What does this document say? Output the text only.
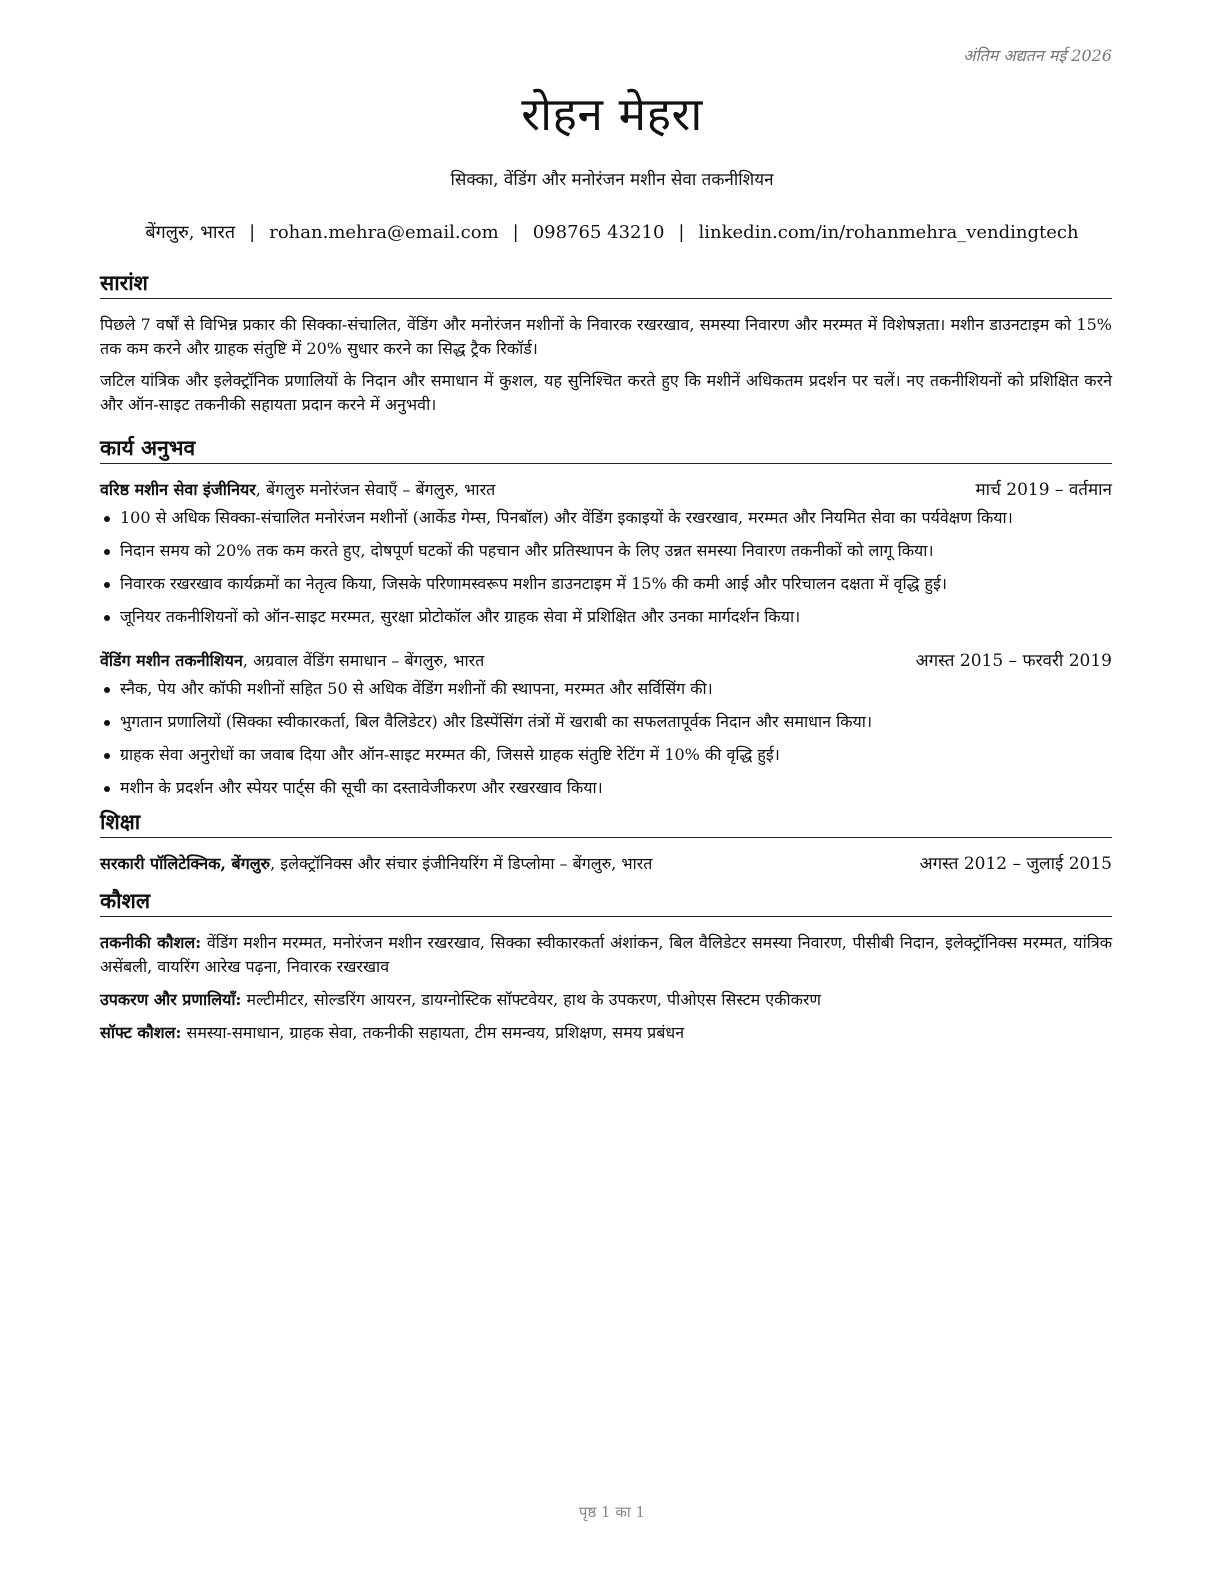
अंतिम अद्यतन मई 2026
रोहन मेहरा
सिक्का, वेंडिंग और मनोरंजन मशीन सेवा तकनीशियन
बेंगलुरु, भारत | rohan.mehra@email.com | 098765 43210 | linkedin.com/in/rohanmehra_vendingtech
सारांश

पिछले 7 वर्षों से विभिन्न प्रकार की सिक्का-संचालित, वेंडिंग और मनोरंजन मशीनों के निवारक रखरखाव, समस्या निवारण और मरम्मत में विशेषज्ञता। मशीन डाउनटाइम को 15% तक कम करने और ग्राहक संतुष्टि में 20% सुधार करने का सिद्ध ट्रैक रिकॉर्ड।

जटिल यांत्रिक और इलेक्ट्रॉनिक प्रणालियों के निदान और समाधान में कुशल, यह सुनिश्चित करते हुए कि मशीनें अधिकतम प्रदर्शन पर चलें। नए तकनीशियनों को प्रशिक्षित करने और ऑन-साइट तकनीकी सहायता प्रदान करने में अनुभवी।

कार्य अनुभव
वरिष्ठ मशीन सेवा इंजीनियर, बेंगलुरु मनोरंजन सेवाएँ – बेंगलुरु, भारत	मार्च 2019 – वर्तमान
100 से अधिक सिक्का-संचालित मनोरंजन मशीनों (आर्केड गेम्स, पिनबॉल) और वेंडिंग इकाइयों के रखरखाव, मरम्मत और नियमित सेवा का पर्यवेक्षण किया।
निदान समय को 20% तक कम करते हुए, दोषपूर्ण घटकों की पहचान और प्रतिस्थापन के लिए उन्नत समस्या निवारण तकनीकों को लागू किया।
निवारक रखरखाव कार्यक्रमों का नेतृत्व किया, जिसके परिणामस्वरूप मशीन डाउनटाइम में 15% की कमी आई और परिचालन दक्षता में वृद्धि हुई।
जूनियर तकनीशियनों को ऑन-साइट मरम्मत, सुरक्षा प्रोटोकॉल और ग्राहक सेवा में प्रशिक्षित और उनका मार्गदर्शन किया।
वेंडिंग मशीन तकनीशियन, अग्रवाल वेंडिंग समाधान – बेंगलुरु, भारत	अगस्त 2015 – फरवरी 2019
स्नैक, पेय और कॉफी मशीनों सहित 50 से अधिक वेंडिंग मशीनों की स्थापना, मरम्मत और सर्विसिंग की।
भुगतान प्रणालियों (सिक्का स्वीकारकर्ता, बिल वैलिडेटर) और डिस्पेंसिंग तंत्रों में खराबी का सफलतापूर्वक निदान और समाधान किया।
ग्राहक सेवा अनुरोधों का जवाब दिया और ऑन-साइट मरम्मत की, जिससे ग्राहक संतुष्टि रेटिंग में 10% की वृद्धि हुई।
मशीन के प्रदर्शन और स्पेयर पार्ट्स की सूची का दस्तावेजीकरण और रखरखाव किया।
शिक्षा
सरकारी पॉलिटेक्निक, बेंगलुरु, इलेक्ट्रॉनिक्स और संचार इंजीनियरिंग में डिप्लोमा – बेंगलुरु, भारत	अगस्त 2012 – जुलाई 2015
कौशल

तकनीकी कौशल: वेंडिंग मशीन मरम्मत, मनोरंजन मशीन रखरखाव, सिक्का स्वीकारकर्ता अंशांकन, बिल वैलिडेटर समस्या निवारण, पीसीबी निदान, इलेक्ट्रॉनिक्स मरम्मत, यांत्रिक असेंबली, वायरिंग आरेख पढ़ना, निवारक रखरखाव

उपकरण और प्रणालियाँ: मल्टीमीटर, सोल्डरिंग आयरन, डायग्नोस्टिक सॉफ्टवेयर, हाथ के उपकरण, पीओएस सिस्टम एकीकरण

सॉफ्ट कौशल: समस्या-समाधान, ग्राहक सेवा, तकनीकी सहायता, टीम समन्वय, प्रशिक्षण, समय प्रबंधन

पृष्ठ 1 का 1
